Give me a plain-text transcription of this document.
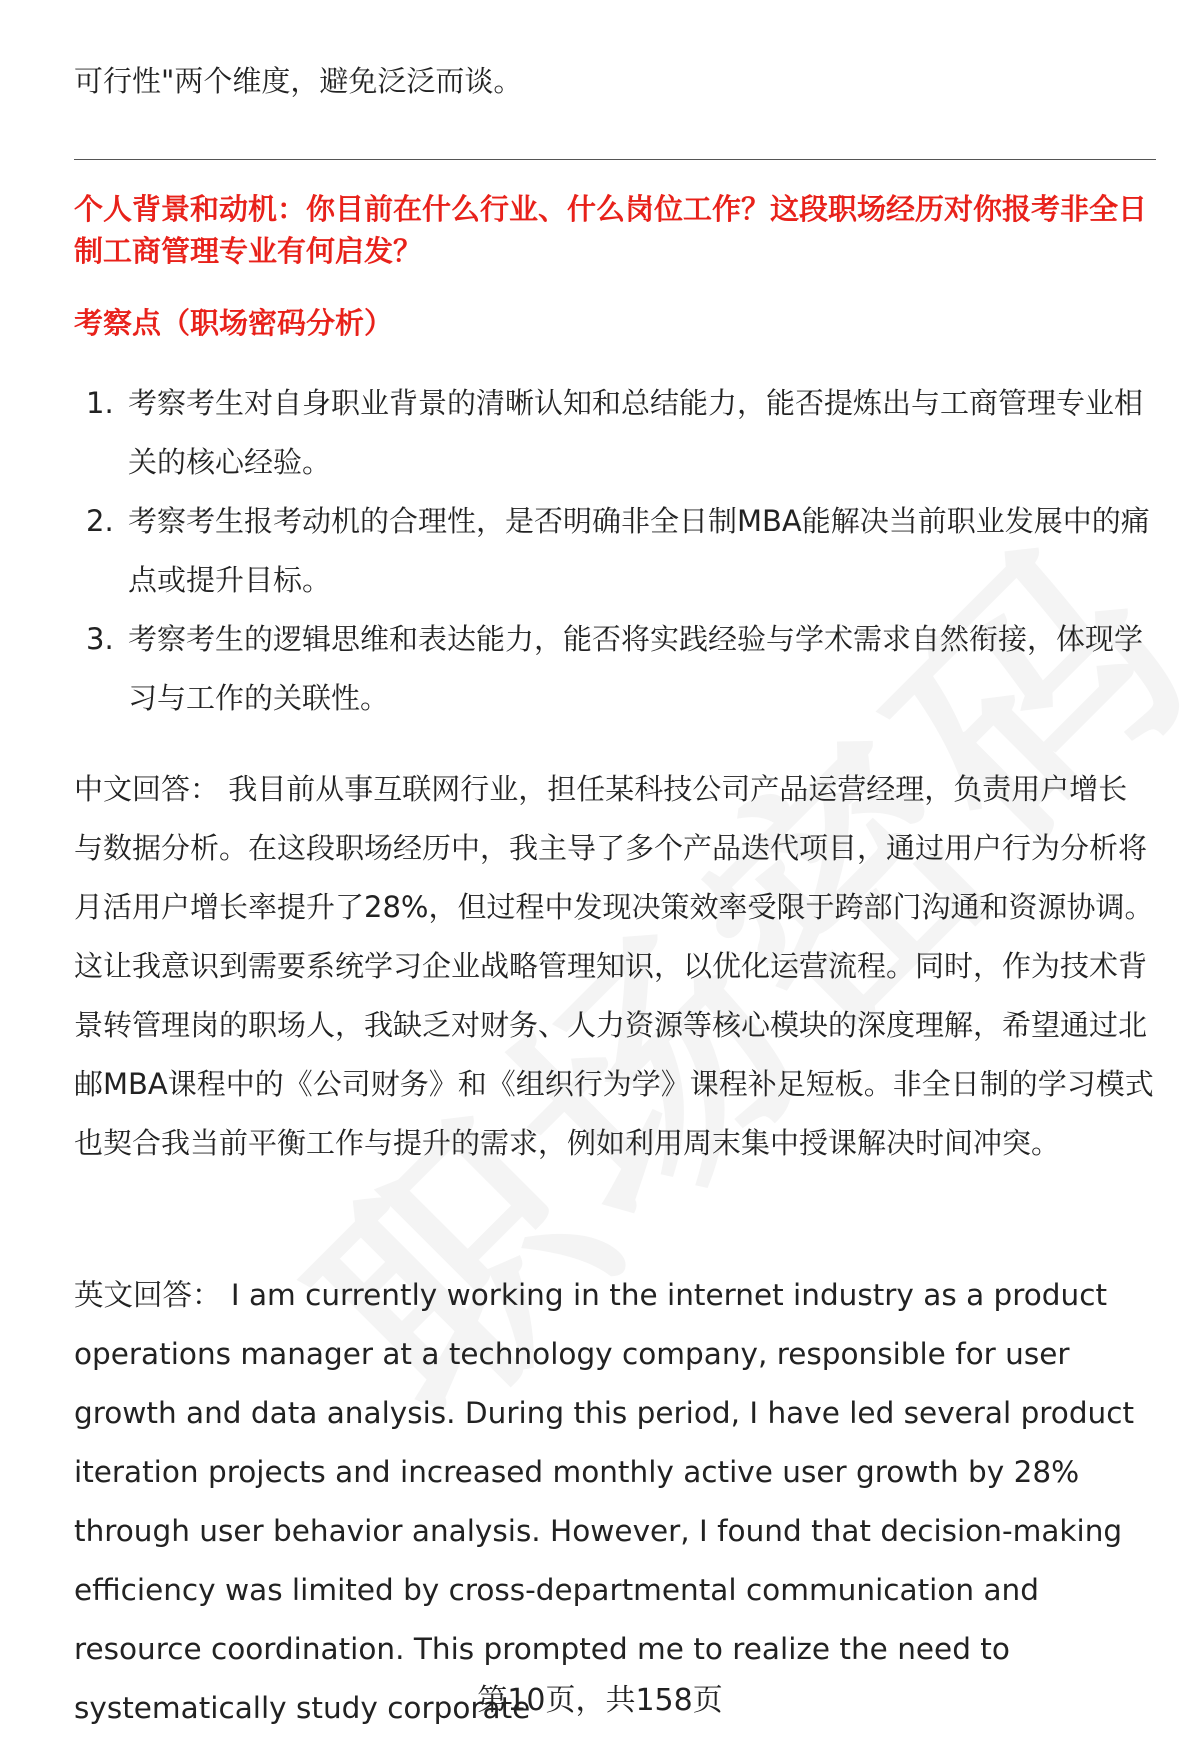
可行性"两个维度，避免泛泛而谈。
个人背景和动机：你目前在什么行业、什么岗位工作？这段职场经历对你报考非全日制工商管理专业有何启发？
考察点（职场密码分析）
1. 考察考生对自身职业背景的清晰认知和总结能力，能否提炼出与工商管理专业相关的核心经验。
2. 考察考生报考动机的合理性，是否明确非全日制MBA能解决当前职业发展中的痛点或提升目标。
3. 考察考生的逻辑思维和表达能力，能否将实践经验与学术需求自然衔接，体现学习与工作的关联性。
中文回答： 我目前从事互联网行业，担任某科技公司产品运营经理，负责用户增长与数据分析。在这段职场经历中，我主导了多个产品迭代项目，通过用户行为分析将月活用户增长率提升了28%，但过程中发现决策效率受限于跨部门沟通和资源协调。这让我意识到需要系统学习企业战略管理知识，以优化运营流程。同时，作为技术背景转管理岗的职场人，我缺乏对财务、人力资源等核心模块的深度理解，希望通过北邮MBA课程中的《公司财务》和《组织行为学》课程补足短板。非全日制的学习模式也契合我当前平衡工作与提升的需求，例如利用周末集中授课解决时间冲突。
英文回答： I am currently working in the internet industry as a product operations manager at a technology company, responsible for user growth and data analysis. During this period, I have led several product iteration projects and increased monthly active user growth by 28% through user behavior analysis. However, I found that decision-making efficiency was limited by cross-departmental communication and resource coordination. This prompted me to realize the need to systematically study corporate
第10页，共158页
